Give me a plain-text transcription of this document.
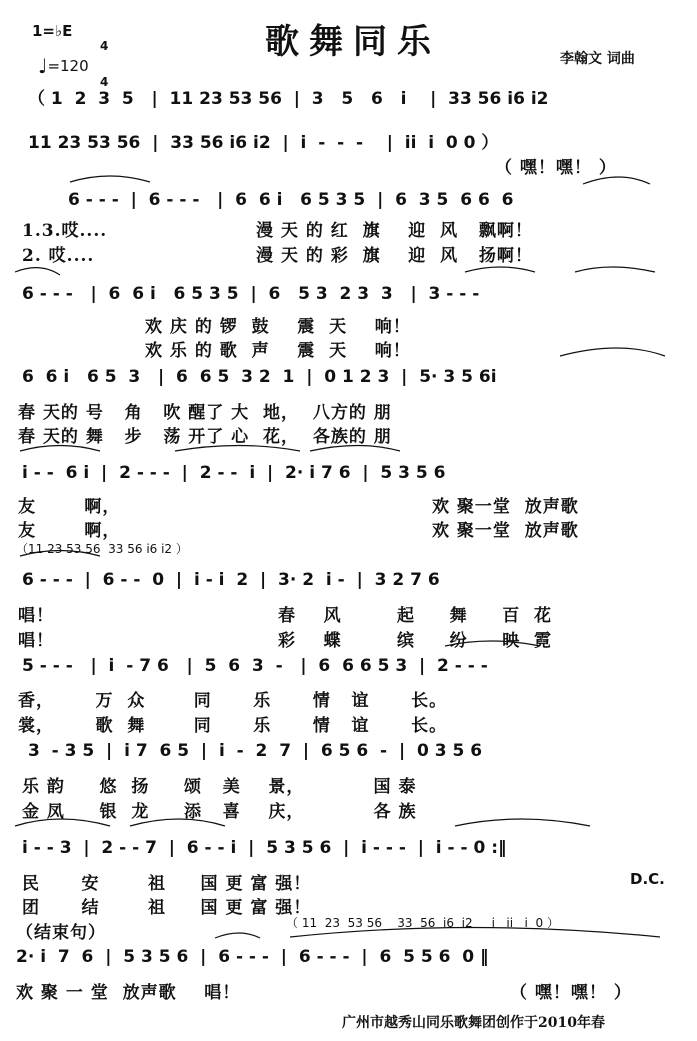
歌舞同乐	李翰文 词曲
1=♭E

4

4

♩=120
（ 1  2  3  5   |  11 23 53 56  |  3   5   6   i    |  33 56 i6 i2
11 23 53 56  |  33 56 i6 i2  |  i  -  -  -    |  ii  i  0 0 ）
6 - - -  |  6 - - -   |  6  6 i   6 5 3 5  |  6  3 5  6 6  6
6 - - -   |  6  6 i   6 5 3 5  |  6   5 3  2 3  3   |  3 - - -
6  6 i   6 5  3   |  6  6 5  3 2  1  |  0 1 2 3  |  5· 3 5 6i
i - -  6 i  |  2 - - -  |  2 - -  i  |  2· i 7 6  |  5 3 5 6
6 - - -  |  6 - -  0  |  i - i  2  |  3· 2  i -  |  3 2 7 6
5 - - -   |  i  - 7 6   |  5  6  3  -   |  6  6 6 5 3  |  2 - - -
3  - 3 5  |  i 7  6 5  |  i  -  2  7  |  6 5 6  -  |  0 3 5 6
i - - 3  |  2 - - 7  |  6 - - i  |  5 3 5 6  |  i - - -  |  i - - 0 :‖
2· i  7  6  |  5 3 5 6  |  6 - - -  |  6 - - -  |  6  5 5 6  0 ‖
（ 嘿！嘿！ ）
1.3.哎....	漫 天 的 红  旗    迎  风   飘啊！
2. 哎....	漫 天 的 彩  旗    迎  风   扬啊！
欢 庆 的 锣  鼓    震  天    响！
欢 乐 的 歌  声    震  天    响！
春 天的 号   角   吹 醒了 大  地，  八方的 朋
春 天的 舞   步   荡 开了 心  花，  各族的 朋
友       啊，	欢 聚一堂  放声歌
友       啊，	欢 聚一堂  放声歌
唱！	春    风        起     舞     百  花
唱！	彩    蝶        缤     纷     映  霓
香，      万  众       同      乐      情   谊      长。
裳，      歌  舞       同      乐      情   谊      长。
乐 韵     悠  扬     颂   美    景，          国 泰
金 凤     银  龙     添   喜    庆，          各 族
民      安       祖     国 更 富 强！
团      结       祖     国 更 富 强！
（结束句）
欢 聚 一 堂  放声歌    唱！	（ 嘿！嘿！ ）
（11 23 53 56  33 56 i6 i2 ）
（ 11  23  53 56    33  56  i6  i2     i   ii   i  0 ）
D.C.
广州市越秀山同乐歌舞团创作于2010年春
